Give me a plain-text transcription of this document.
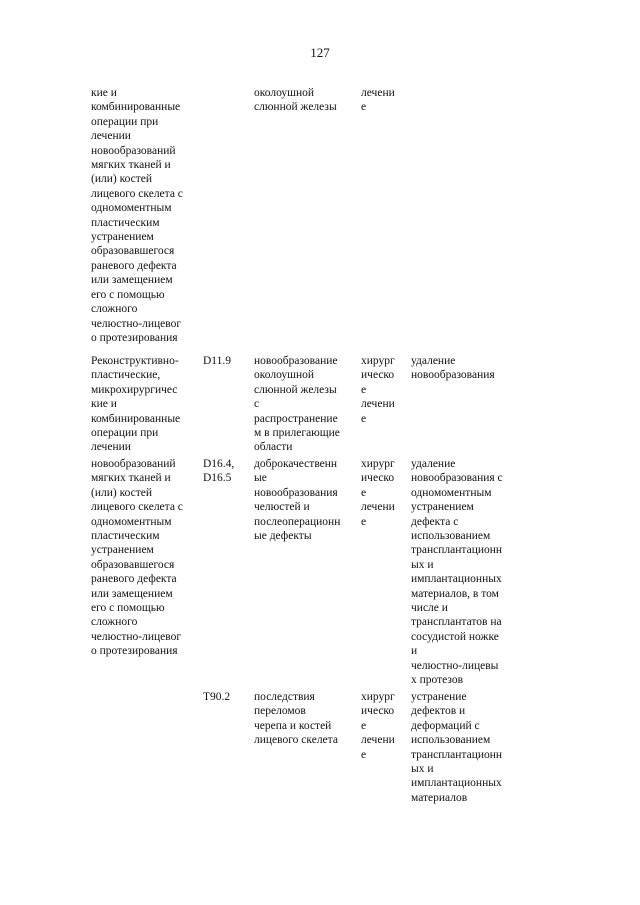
127
кие и
комбинированные
операции при
лечении
новообразований
мягких тканей и
(или) костей
лицевого скелета с
одномоментным
пластическим
устранением
образовавшегося
раневого дефекта
или замещением
его с помощью
сложного
челюстно-лицевог
о протезирования
околоушной
слюнной железы
лечени
е
Реконструктивно-
пластические,
микрохирургичес
кие и
комбинированные
операции при
лечении
D11.9 новообразование
околоушной
слюнной железы
с
распространение
м в прилегающие
области
хирург
ическо
е
лечени
е
удаление
новообразования
новообразований
мягких тканей и
(или) костей
лицевого скелета с
одномоментным
пластическим
устранением
образовавшегося
раневого дефекта
или замещением
его с помощью
сложного
челюстно-лицевог
о протезирования
D16.4,
D16.5
доброкачественн
ые
новообразования
челюстей и
послеоперационн
ые дефекты
хирург
ическо
е
лечени
е
удаление
новообразования с
одномоментным
устранением
дефекта с
использованием
трансплантационн
ых и
имплантационных
материалов, в том
числе и
трансплантатов на
сосудистой ножке
и
челюстно-лицевы
х протезов
T90.2 последствия
переломов
черепа и костей
лицевого скелета
хирург
ическо
е
лечени
е
устранение
дефектов и
деформаций с
использованием
трансплантационн
ых и
имплантационных
материалов
